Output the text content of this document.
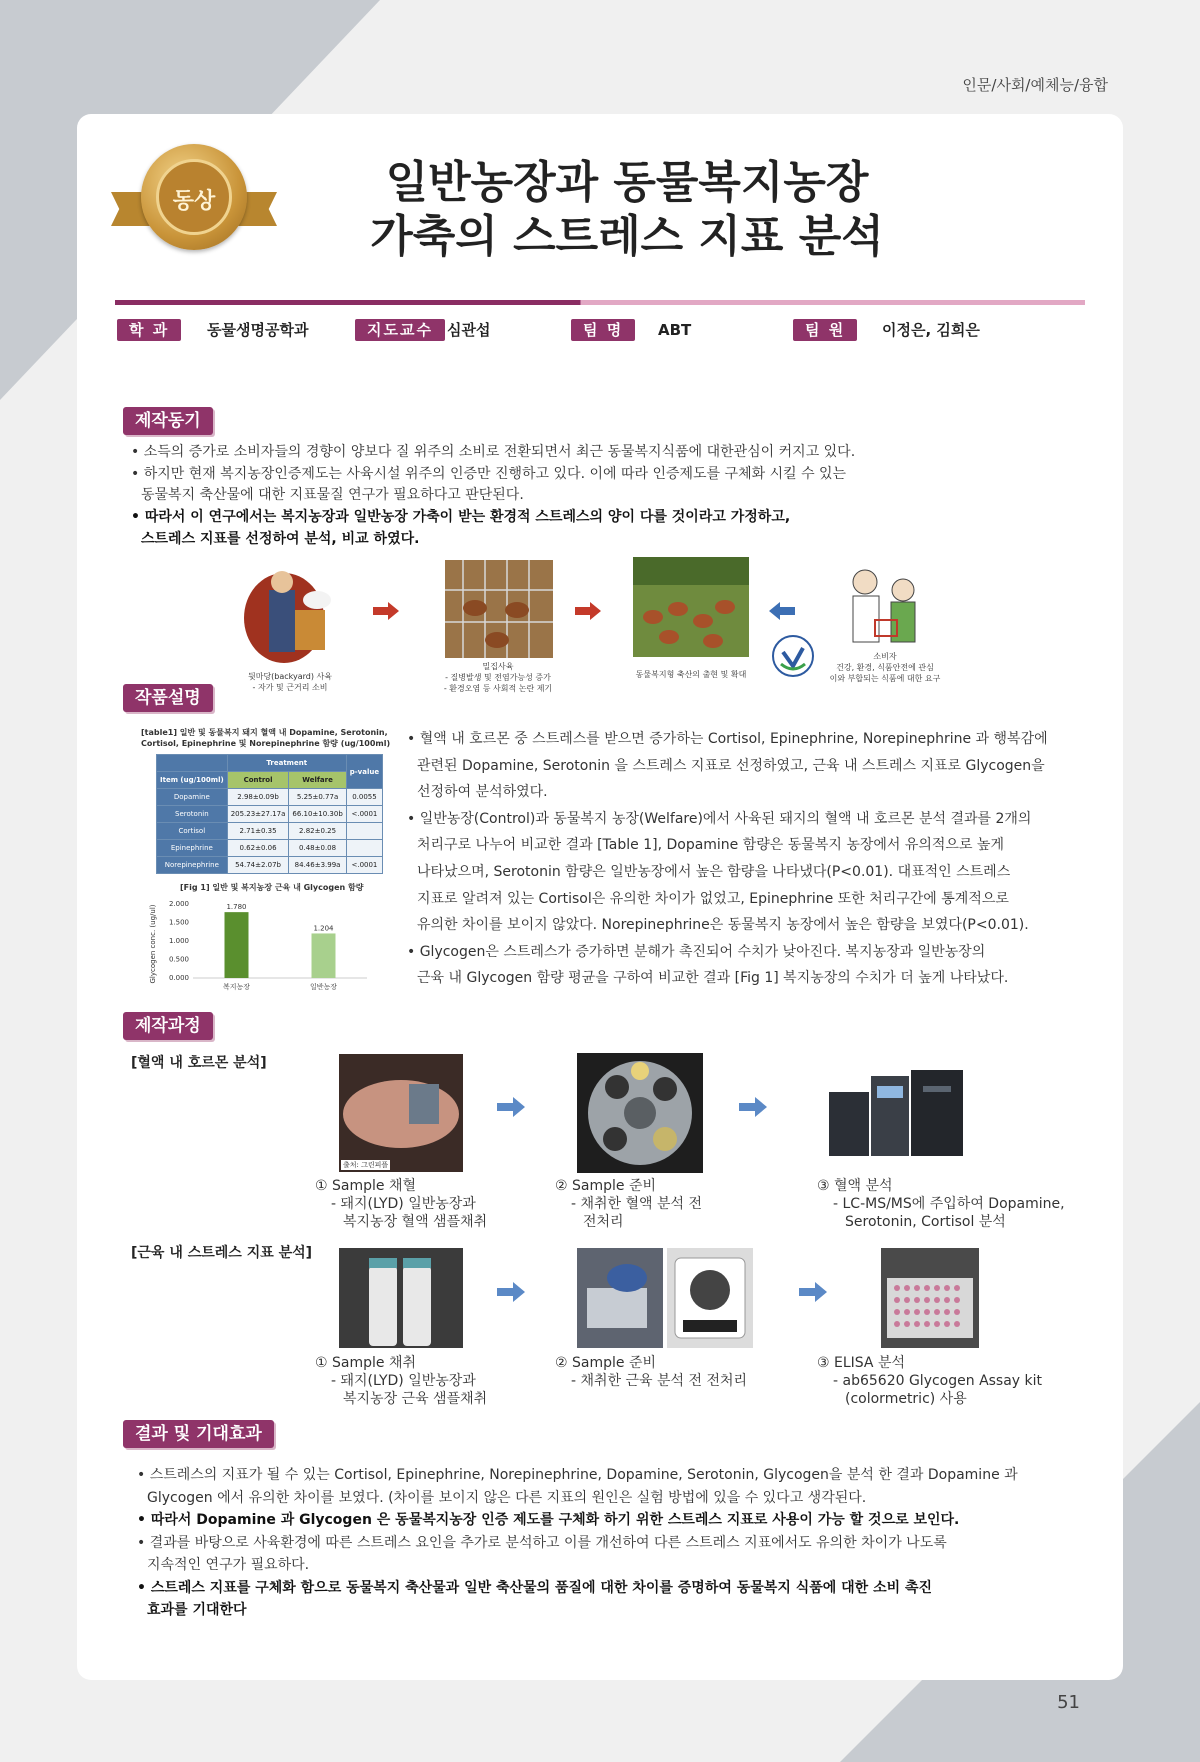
인문/사회/예체능/융합
51
동상	일반농장과 동물복지농장
가축의 스트레스 지표 분석
학 과	동물생명공학과	지도교수 심관섭	팀 명	ABT	팀 원	이정은, 김희은
제작동기
• 소득의 증가로 소비자들의 경향이 양보다 질 위주의 소비로 전환되면서 최근 동물복지식품에 대한관심이 커지고 있다.
• 하지만 현재 복지농장인증제도는 사육시설 위주의 인증만 진행하고 있다. 이에 따라 인증제도를 구체화 시킬 수 있는
동물복지 축산물에 대한 지표물질 연구가 필요하다고 판단된다.
• 따라서 이 연구에서는 복지농장과 일반농장 가축이 받는 환경적 스트레스의 양이 다를 것이라고 가정하고,
스트레스 지표를 선정하여 분석, 비교 하였다.
뒷마당(backyard) 사육
- 자가 및 근거리 소비
밀집사육
- 질병발생 및 전염가능성 증가
- 환경오염 등 사회적 논란 제기
동물복지형 축산의 출현 및 확대
소비자
건강, 환경, 식품안전에 관심
이와 부합되는 식품에 대한 요구
작품설명
[table1] 일반 및 동물복지 돼지 혈액 내 Dopamine, Serotonin,
Cortisol, Epinephrine 및 Norepinephrine 함량 (ug/100ml)
	Treatment		p-value
Item (ug/100ml)	Control	Welfare	
Dopamine	2.98±0.09b	5.25±0.77a	0.0055
Serotonin	205.23±27.17a	66.10±10.30b	<.0001
Cortisol	2.71±0.35	2.82±0.25	
Epinephrine	0.62±0.06	0.48±0.08	
Norepinephrine	54.74±2.07b	84.46±3.99a	<.0001
[Fig 1] 일반 및 복지농장 근육 내 Glycogen 함량
Glycogen conc. (ug/ul)
2.000
1.500
1.000
0.500
0.000
1.780
복지농장
1.204
일반농장
• 혈액 내 호르몬 중 스트레스를 받으면 증가하는 Cortisol, Epinephrine, Norepinephrine 과 행복감에
관련된 Dopamine, Serotonin 을 스트레스 지표로 선정하였고, 근육 내 스트레스 지표로 Glycogen을
선정하여 분석하였다.
• 일반농장(Control)과 동물복지 농장(Welfare)에서 사육된 돼지의 혈액 내 호르몬 분석 결과를 2개의
처리구로 나누어 비교한 결과 [Table 1], Dopamine 함량은 동물복지 농장에서 유의적으로 높게
나타났으며, Serotonin 함량은 일반농장에서 높은 함량을 나타냈다(P<0.01). 대표적인 스트레스
지표로 알려져 있는 Cortisol은 유의한 차이가 없었고, Epinephrine 또한 처리구간에 통계적으로
유의한 차이를 보이지 않았다. Norepinephrine은 동물복지 농장에서 높은 함량을 보였다(P<0.01).
• Glycogen은 스트레스가 증가하면 분해가 촉진되어 수치가 낮아진다. 복지농장과 일반농장의
근육 내 Glycogen 함량 평균을 구하여 비교한 결과 [Fig 1] 복지농장의 수치가 더 높게 나타났다.
제작과정
[혈액 내 호르몬 분석]
출처: 그린피플
① Sample 채혈
- 돼지(LYD) 일반농장과
복지농장 혈액 샘플채취
② Sample 준비
- 채취한 혈액 분석 전
전처리
③ 혈액 분석
- LC-MS/MS에 주입하여 Dopamine,
Serotonin, Cortisol 분석
[근육 내 스트레스 지표 분석]
① Sample 채취
- 돼지(LYD) 일반농장과
복지농장 근육 샘플채취
② Sample 준비
- 채취한 근육 분석 전 전처리
③ ELISA 분석
- ab65620 Glycogen Assay kit
(colormetric) 사용
결과 및 기대효과
• 스트레스의 지표가 될 수 있는 Cortisol, Epinephrine, Norepinephrine, Dopamine, Serotonin, Glycogen을 분석 한 결과 Dopamine 과
Glycogen 에서 유의한 차이를 보였다. (차이를 보이지 않은 다른 지표의 원인은 실험 방법에 있을 수 있다고 생각된다.
• 따라서 Dopamine 과 Glycogen 은 동물복지농장 인증 제도를 구체화 하기 위한 스트레스 지표로 사용이 가능 할 것으로 보인다.
• 결과를 바탕으로 사육환경에 따른 스트레스 요인을 추가로 분석하고 이를 개선하여 다른 스트레스 지표에서도 유의한 차이가 나도록
지속적인 연구가 필요하다.
• 스트레스 지표를 구체화 함으로 동물복지 축산물과 일반 축산물의 품질에 대한 차이를 증명하여 동물복지 식품에 대한 소비 촉진
효과를 기대한다
